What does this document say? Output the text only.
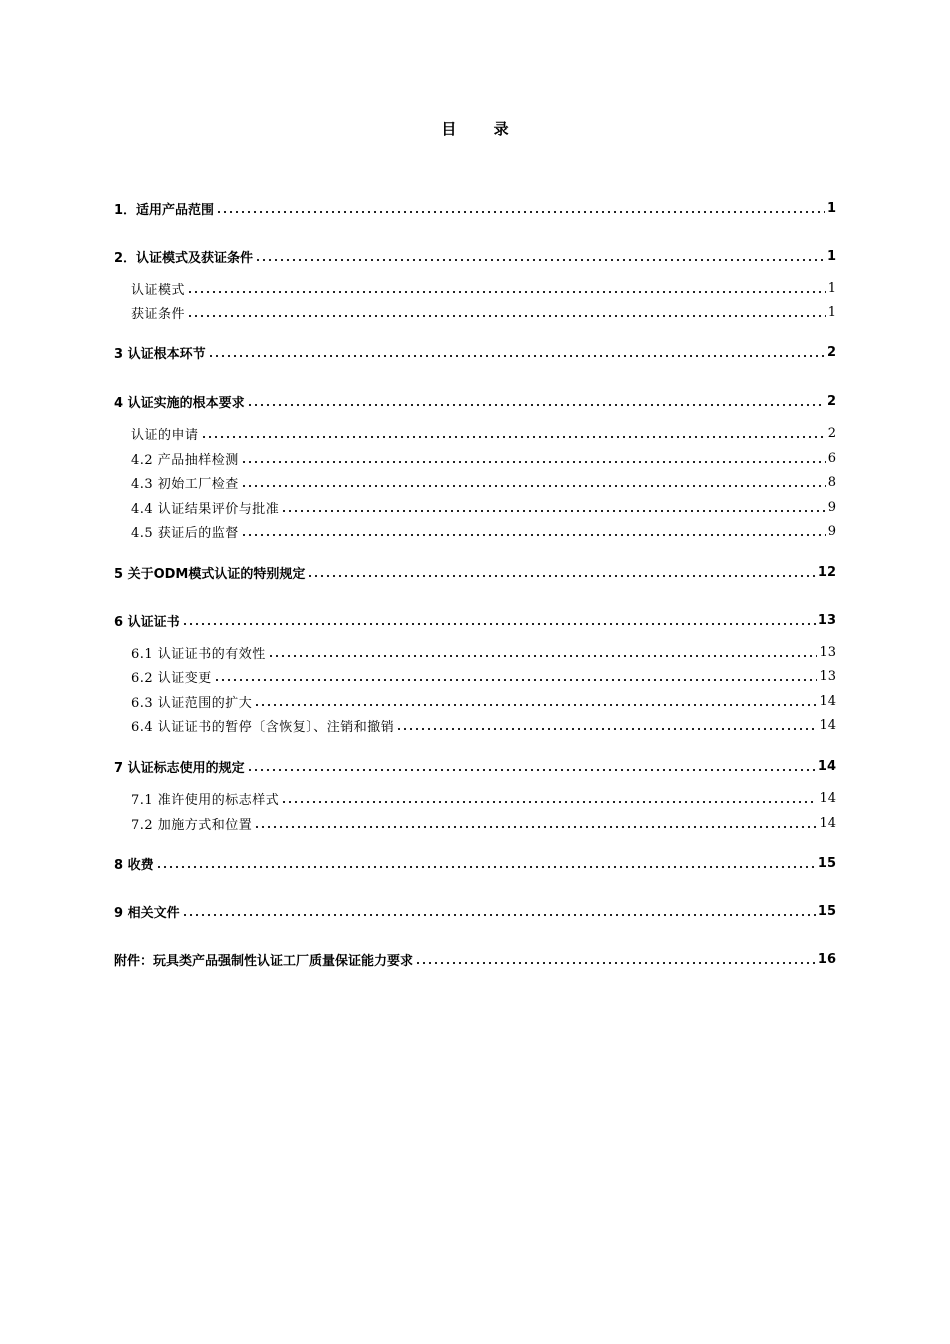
目 录
1．适用产品范围	1
2．认证模式及获证条件	1
认证模式	1
获证条件	1
3 认证根本环节	2
4 认证实施的根本要求	2
认证的申请	2
4.2 产品抽样检测	6
4.3 初始工厂检查	8
4.4 认证结果评价与批准	9
4.5 获证后的监督	9
5 关于ODM模式认证的特别规定	12
6 认证证书	13
6.1 认证证书的有效性	13
6.2 认证变更	13
6.3 认证范围的扩大	14
6.4 认证证书的暂停〔含恢复〕、注销和撤销	14
7 认证标志使用的规定	14
7.1 准许使用的标志样式	14
7.2 加施方式和位置	14
8 收费	15
9 相关文件	15
附件：玩具类产品强制性认证工厂质量保证能力要求	16
